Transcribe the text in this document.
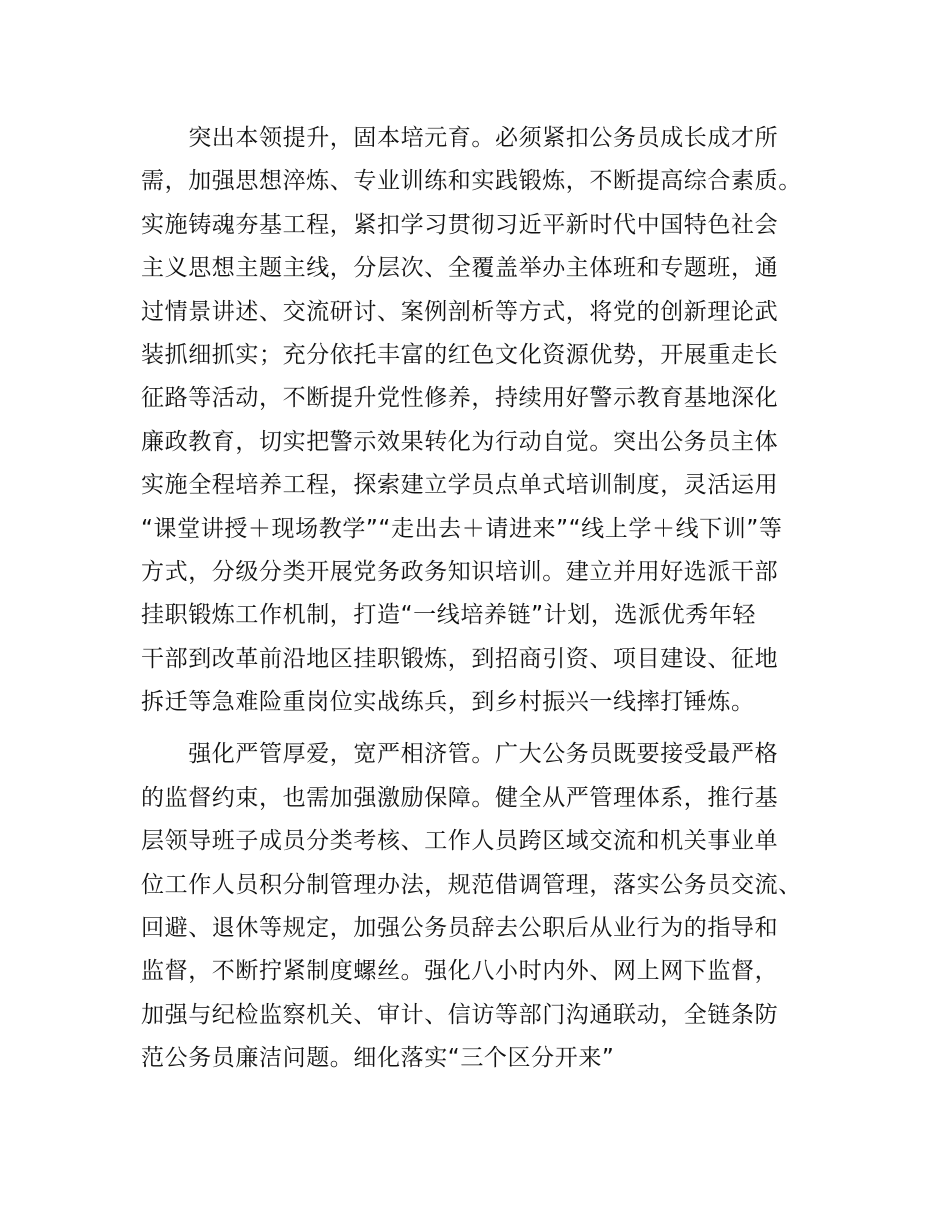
　　突出本领提升，固本培元育。必须紧扣公务员成长成才所
需，加强思想淬炼、专业训练和实践锻炼，不断提高综合素质。
实施铸魂夯基工程，紧扣学习贯彻习近平新时代中国特色社会
主义思想主题主线，分层次、全覆盖举办主体班和专题班，通
过情景讲述、交流研讨、案例剖析等方式，将党的创新理论武
装抓细抓实；充分依托丰富的红色文化资源优势，开展重走长
征路等活动，不断提升党性修养，持续用好警示教育基地深化
廉政教育，切实把警示效果转化为行动自觉。突出公务员主体
实施全程培养工程，探索建立学员点单式培训制度，灵活运用
“课堂讲授＋现场教学”“走出去＋请进来”“线上学＋线下训”等
方式，分级分类开展党务政务知识培训。建立并用好选派干部
挂职锻炼工作机制，打造“一线培养链”计划，选派优秀年轻
干部到改革前沿地区挂职锻炼，到招商引资、项目建设、征地
拆迁等急难险重岗位实战练兵，到乡村振兴一线摔打锤炼。
　　强化严管厚爱，宽严相济管。广大公务员既要接受最严格
的监督约束，也需加强激励保障。健全从严管理体系，推行基
层领导班子成员分类考核、工作人员跨区域交流和机关事业单
位工作人员积分制管理办法，规范借调管理，落实公务员交流、
回避、退休等规定，加强公务员辞去公职后从业行为的指导和
监督，不断拧紧制度螺丝。强化八小时内外、网上网下监督，
加强与纪检监察机关、审计、信访等部门沟通联动，全链条防
范公务员廉洁问题。细化落实“三个区分开来”
